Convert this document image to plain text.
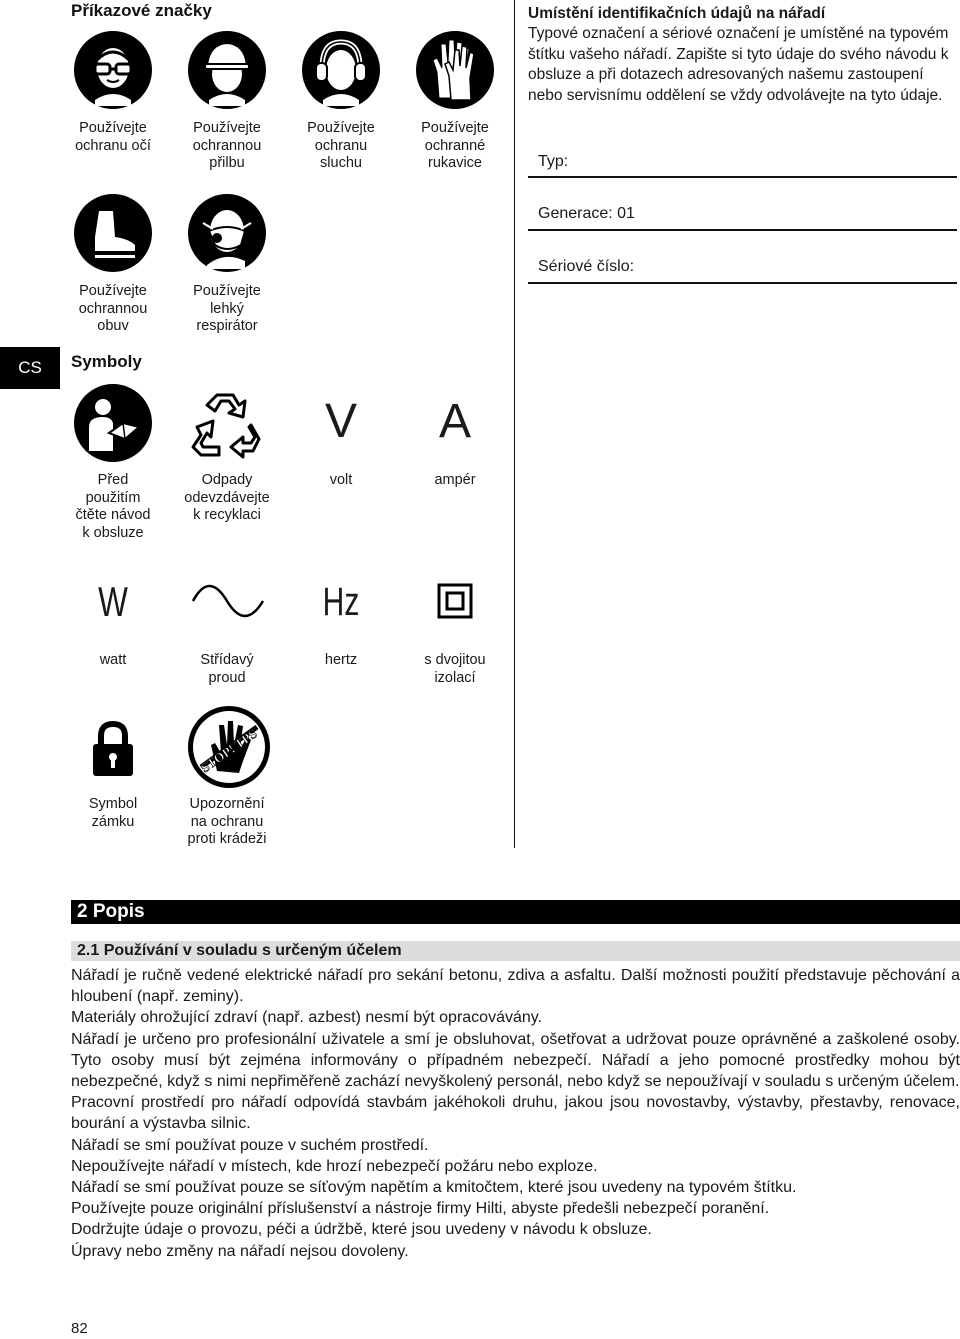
Příkazové značky
CS	Symboly
Používejte
ochranu očí
Používejte
ochrannou
přilbu
Používejte
ochranu
sluchu
Používejte
ochranné
rukavice
Používejte
ochrannou
obuv
Používejte
lehký
respirátor
V	A
Před
použitím
čtěte návod
k obsluze
Odpady
odevzdávejte
k recyklaci
volt	ampér
W	Hz
watt	Střídavý
proud
hertz	s dvojitou
izolací
STOP! TPS
Symbol
zámku
Upozornění
na ochranu
proti krádeži
Umístění identifikačních údajů na nářadí
Typové označení a sériové označení je umístěné na typovém štítku vašeho nářadí. Zapište si tyto údaje do svého návodu k obsluze a při dotazech adresovaných našemu zastoupení nebo servisnímu oddělení se vždy odvolávejte na tyto údaje.
Typ:
Generace: 01
Sériové číslo:
2 Popis
2.1 Používání v souladu s určeným účelem

Nářadí je ručně vedené elektrické nářadí pro sekání betonu, zdiva a asfaltu. Další možnosti použití představuje pěchování a hloubení (např. zeminy).

Materiály ohrožující zdraví (např. azbest) nesmí být opracovávány.

Nářadí je určeno pro profesionální uživatele a smí je obsluhovat, ošetřovat a udržovat pouze oprávněné a zaškolené osoby. Tyto osoby musí být zejména informovány o případném nebezpečí. Nářadí a jeho pomocné prostředky mohou být nebezpečné, když s nimi nepřiměřeně zachází nevyškolený personál, nebo když se nepoužívají v souladu s určeným účelem.

Pracovní prostředí pro nářadí odpovídá stavbám jakéhokoli druhu, jakou jsou novostavby, výstavby, přestavby, renovace, bourání a výstavba silnic.

Nářadí se smí používat pouze v suchém prostředí.

Nepoužívejte nářadí v místech, kde hrozí nebezpečí požáru nebo exploze.

Nářadí se smí používat pouze se síťovým napětím a kmitočtem, které jsou uvedeny na typovém štítku.

Používejte pouze originální příslušenství a nástroje firmy Hilti, abyste předešli nebezpečí poranění.

Dodržujte údaje o provozu, péči a údržbě, které jsou uvedeny v návodu k obsluze.

Úpravy nebo změny na nářadí nejsou dovoleny.

82
